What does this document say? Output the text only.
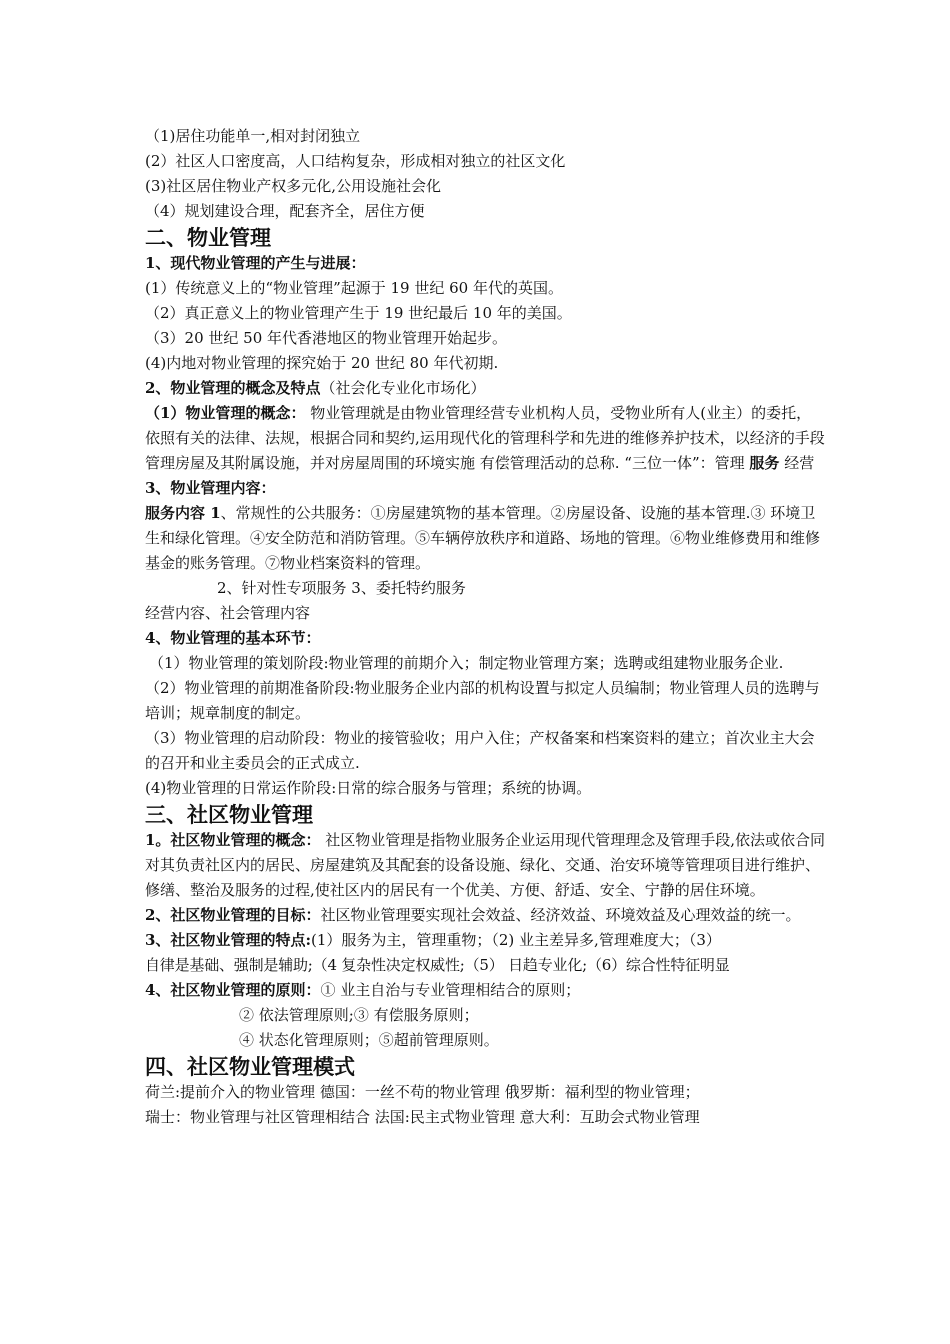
（1)居住功能单一,相对封闭独立
(2）社区人口密度高，人口结构复杂，形成相对独立的社区文化
(3)社区居住物业产权多元化,公用设施社会化
（4）规划建设合理，配套齐全，居住方便
二、物业管理
1、现代物业管理的产生与进展：
(1）传统意义上的“物业管理”起源于 19 世纪 60 年代的英国。
（2）真正意义上的物业管理产生于 19 世纪最后 10 年的美国。
（3）20 世纪 50 年代香港地区的物业管理开始起步。
(4)内地对物业管理的探究始于 20 世纪 80 年代初期.
2、物业管理的概念及特点（社会化专业化市场化）
（1）物业管理的概念： 物业管理就是由物业管理经营专业机构人员，受物业所有人(业主）的委托，依照有关的法律、法规，根据合同和契约,运用现代化的管理科学和先进的维修养护技术，以经济的手段管理房屋及其附属设施，并对房屋周围的环境实施 有偿管理活动的总称. “三位一体”：管理 服务 经营
3、物业管理内容：
服务内容 1、常规性的公共服务：①房屋建筑物的基本管理。②房屋设备、设施的基本管理.③ 环境卫生和绿化管理。④安全防范和消防管理。⑤车辆停放秩序和道路、场地的管理。⑥物业维修费用和维修基金的账务管理。⑦物业档案资料的管理。
2、针对性专项服务 3、委托特约服务
经营内容、社会管理内容
4、物业管理的基本环节：
（1）物业管理的策划阶段:物业管理的前期介入；制定物业管理方案；选聘或组建物业服务企业.
（2）物业管理的前期准备阶段:物业服务企业内部的机构设置与拟定人员编制；物业管理人员的选聘与培训；规章制度的制定。
（3）物业管理的启动阶段：物业的接管验收；用户入住；产权备案和档案资料的建立；首次业主大会的召开和业主委员会的正式成立.
(4)物业管理的日常运作阶段:日常的综合服务与管理；系统的协调。
三、社区物业管理
1。社区物业管理的概念： 社区物业管理是指物业服务企业运用现代管理理念及管理手段,依法或依合同对其负责社区内的居民、房屋建筑及其配套的设备设施、绿化、交通、治安环境等管理项目进行维护、修缮、整治及服务的过程,使社区内的居民有一个优美、方便、舒适、安全、宁静的居住环境。
2、社区物业管理的目标：社区物业管理要实现社会效益、经济效益、环境效益及心理效益的统一。
3、社区物业管理的特点:(1）服务为主，管理重物；（2) 业主差异多,管理难度大；（3）
自律是基础、强制是辅助;（4 复杂性决定权威性;（5） 日趋专业化;（6）综合性特征明显
4、社区物业管理的原则：① 业主自治与专业管理相结合的原则；
② 依法管理原则;③ 有偿服务原则；
④ 状态化管理原则；⑤超前管理原则。
四、社区物业管理模式
荷兰:提前介入的物业管理 德国：一丝不苟的物业管理 俄罗斯：福利型的物业管理；
瑞士：物业管理与社区管理相结合 法国:民主式物业管理 意大利：互助会式物业管理
